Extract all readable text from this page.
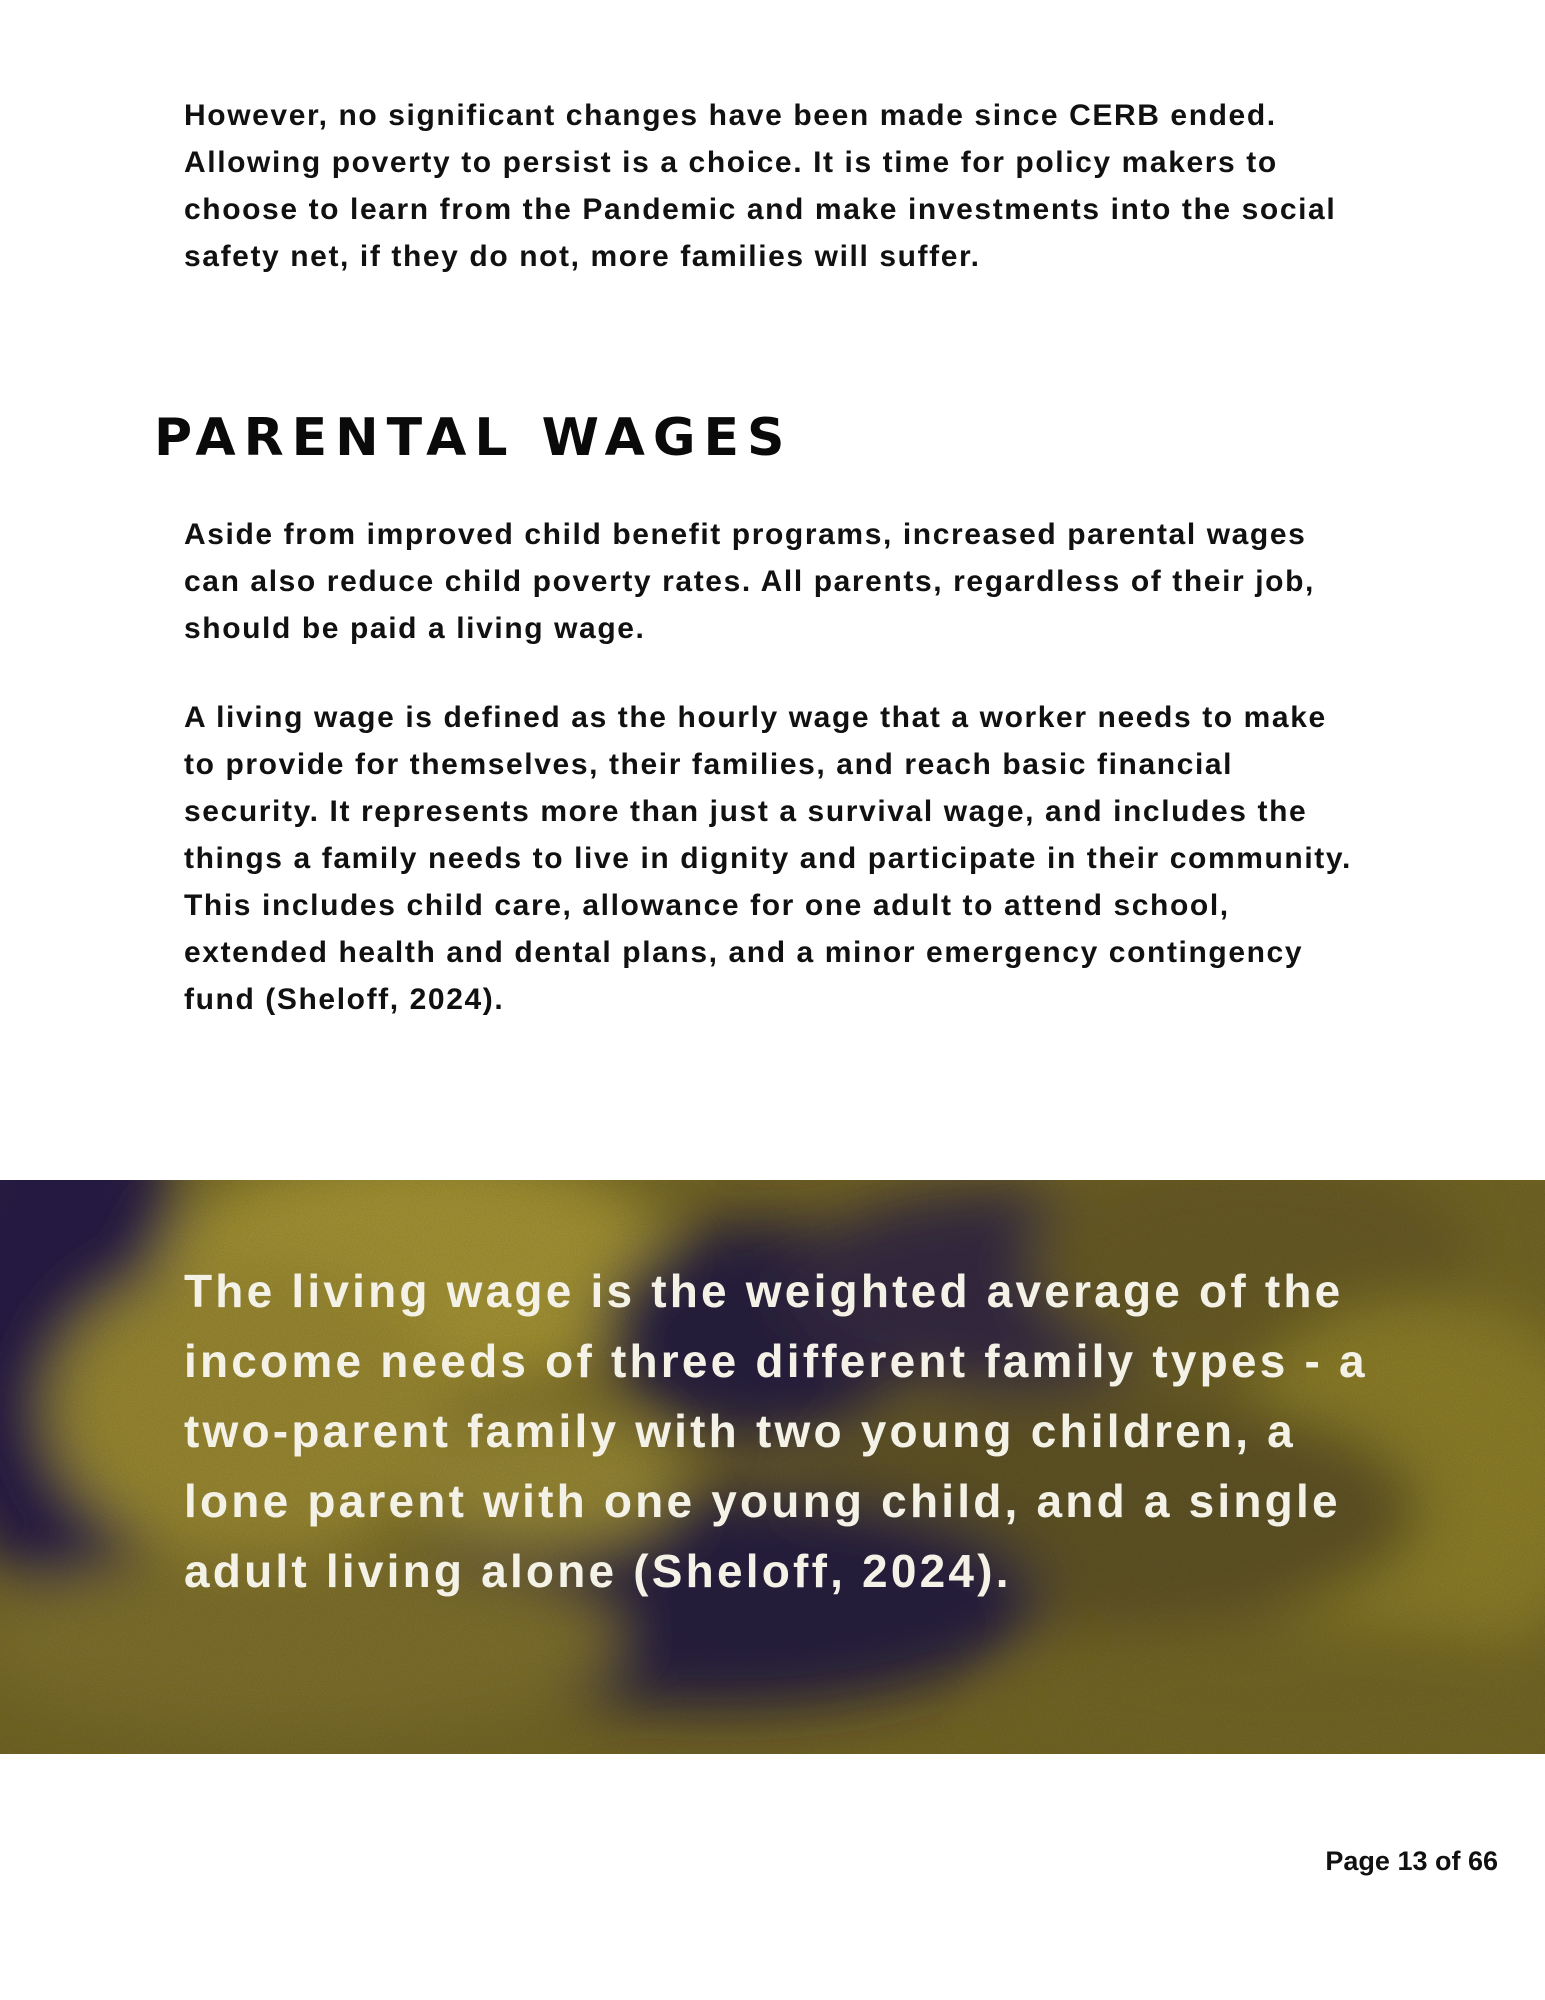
However, no significant changes have been made since CERB ended. Allowing poverty to persist is a choice. It is time for policy makers to choose to learn from the Pandemic and make investments into the social safety net, if they do not, more families will suffer.

PARENTAL WAGES

Aside from improved child benefit programs, increased parental wages can also reduce child poverty rates. All parents, regardless of their job, should be paid a living wage.

A living wage is defined as the hourly wage that a worker needs to make to provide for themselves, their families, and reach basic financial security. It represents more than just a survival wage, and includes the things a family needs to live in dignity and participate in their community. This includes child care, allowance for one adult to attend school, extended health and dental plans, and a minor emergency contingency fund (Sheloff, 2024).

The living wage is the weighted average of the income needs of three different family types - a two-parent family with two young children, a lone parent with one young child, and a single adult living alone (Sheloff, 2024).

Page 13 of 66
